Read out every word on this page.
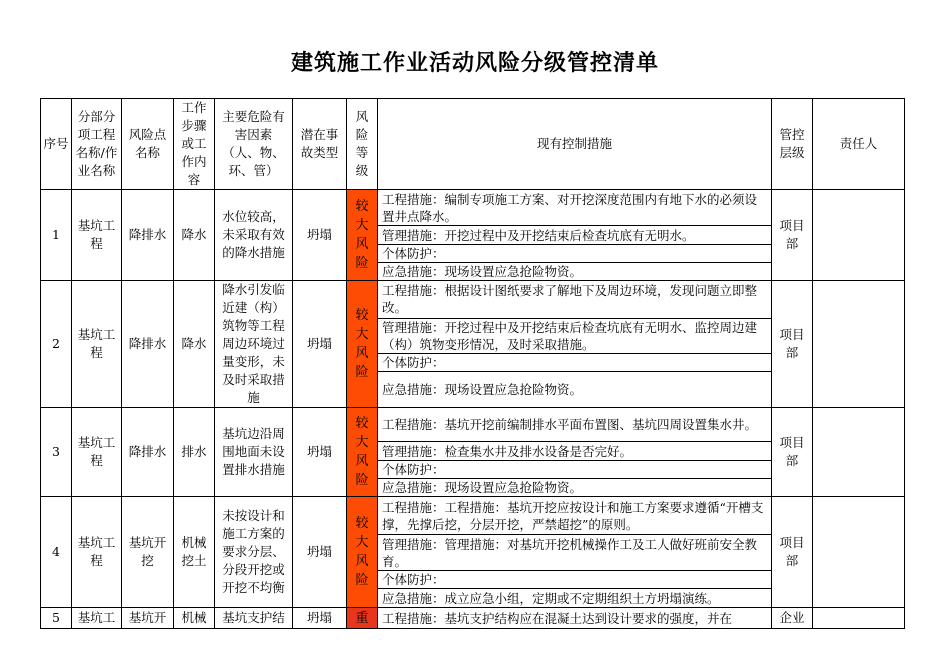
建筑施工作业活动风险分级管控清单
序号	分部分项工程名称/作业名称	风险点名称	工作步骤或工作内容	主要危险有害因素（人、物、环、管）	潜在事故类型	风险等级	现有控制措施	管控层级	责任人
1	基坑工程	降排水	降水	水位较高，未采取有效的降水措施	坍塌	较大风险	工程措施：编制专项施工方案、对开挖深度范围内有地下水的必须设置井点降水。	项目部	
							管理措施：开挖过程中及开挖结束后检查坑底有无明水。		
							个体防护：		
							应急措施：现场设置应急抢险物资。		
2	基坑工程	降排水	降水	降水引发临近建（构）筑物等工程周边环境过量变形，未及时采取措施	坍塌	较大风险	工程措施：根据设计图纸要求了解地下及周边环境，发现问题立即整改。	项目部	
							管理措施：开挖过程中及开挖结束后检查坑底有无明水、监控周边建（构）筑物变形情况，及时采取措施。		
							个体防护：		
							应急措施：现场设置应急抢险物资。		
3	基坑工程	降排水	排水	基坑边沿周围地面未设置排水措施	坍塌	较大风险	工程措施：基坑开挖前编制排水平面布置图、基坑四周设置集水井。	项目部	
							管理措施：检查集水井及排水设备是否完好。		
							个体防护：		
							应急措施：现场设置应急抢险物资。		
4	基坑工程	基坑开挖	机械挖土	未按设计和施工方案的要求分层、分段开挖或开挖不均衡	坍塌	较大风险	工程措施：工程措施：基坑开挖应按设计和施工方案要求遵循“开槽支撑，先撑后挖，分层开挖，严禁超挖”的原则。	项目部	
							管理措施：管理措施：对基坑开挖机械操作工及工人做好班前安全教育。		
							个体防护：		
							应急措施：成立应急小组，定期或不定期组织土方坍塌演练。		
5	基坑工	基坑开	机械	基坑支护结	坍塌	重	工程措施：基坑支护结构应在混凝土达到设计要求的强度，并在	企业	
